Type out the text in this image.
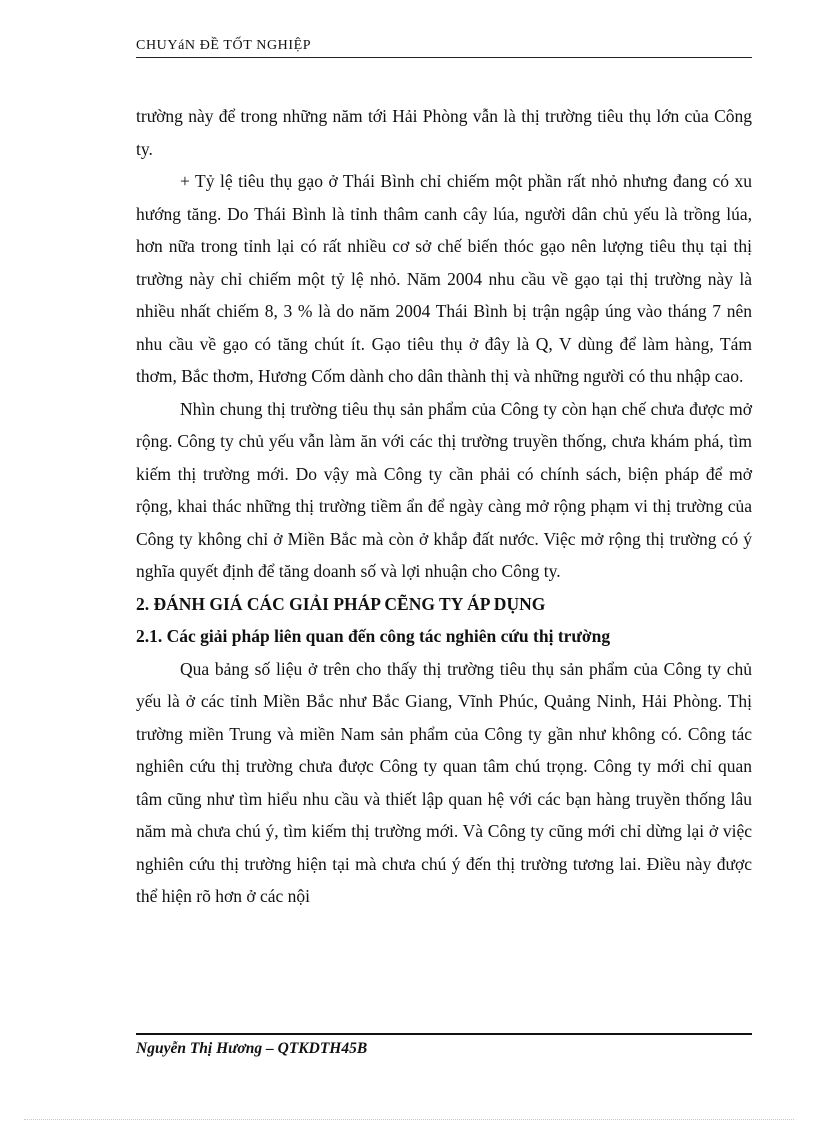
CHUYáN ĐỀ TỐT NGHIỆP

trường này để trong những năm tới Hải Phòng vẫn là thị trường tiêu thụ lớn của Công ty.

+ Tỷ lệ tiêu thụ gạo ở Thái Bình chỉ chiếm một phần rất nhỏ nhưng đang có xu hướng tăng. Do Thái Bình là tỉnh thâm canh cây lúa, người dân chủ yếu là trồng lúa, hơn nữa trong tỉnh lại có rất nhiều cơ sở chế biến thóc gạo nên lượng tiêu thụ tại thị trường này chỉ chiếm một tỷ lệ nhỏ. Năm 2004 nhu cầu về gạo tại thị trường này là nhiều nhất chiếm 8, 3 % là do năm 2004 Thái Bình bị trận ngập úng vào tháng 7 nên nhu cầu về gạo có tăng chút ít. Gạo tiêu thụ ở đây là Q, V dùng để làm hàng, Tám thơm, Bắc thơm, Hương Cốm dành cho dân thành thị và những người có thu nhập cao.

Nhìn chung thị trường tiêu thụ sản phẩm của Công ty còn hạn chế chưa được mở rộng. Công ty chủ yếu vẫn làm ăn với các thị trường truyền thống, chưa khám phá, tìm kiếm thị trường mới. Do vậy mà Công ty cần phải có chính sách, biện pháp để mở rộng, khai thác những thị trường tiềm ẩn để ngày càng mở rộng phạm vi thị trường của Công ty không chỉ ở Miền Bắc mà còn ở khắp đất nước. Việc mở rộng thị trường có ý nghĩa quyết định để tăng doanh số và lợi nhuận cho Công ty.

2. ĐÁNH GIÁ CÁC GIẢI PHÁP CẼNG TY ÁP DỤNG
2.1. Các giải pháp liên quan đến công tác nghiên cứu thị trường

Qua bảng số liệu ở trên cho thấy thị trường tiêu thụ sản phẩm của Công ty chủ yếu là ở các tỉnh Miền Bắc như Bắc Giang, Vĩnh Phúc, Quảng Ninh, Hải Phòng. Thị trường miền Trung và miền Nam sản phẩm của Công ty gần như không có. Công tác nghiên cứu thị trường chưa được Công ty quan tâm chú trọng. Công ty mới chỉ quan tâm cũng như tìm hiểu nhu cầu và thiết lập quan hệ với các bạn hàng truyền thống lâu năm mà chưa chú ý, tìm kiếm thị trường mới. Và Công ty cũng mới chỉ dừng lại ở việc nghiên cứu thị trường hiện tại mà chưa chú ý đến thị trường tương lai. Điều này được thể hiện rõ hơn ở các nội

Nguyễn Thị Hương – QTKDTH45B
